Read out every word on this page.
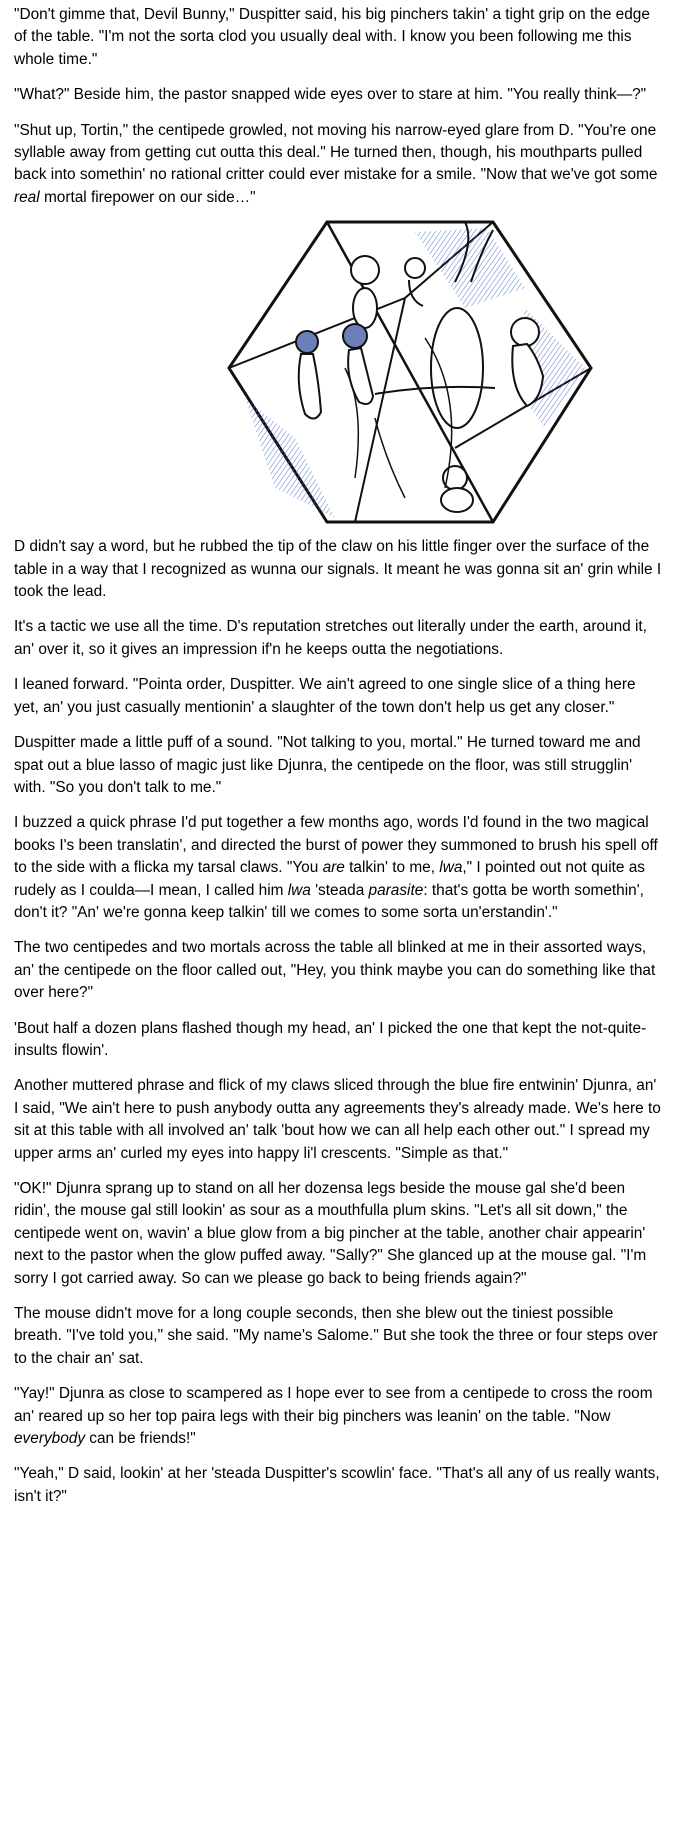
"Don't gimme that, Devil Bunny," Duspitter said, his big pinchers takin' a tight grip on the edge of the table. "I'm not the sorta clod you usually deal with. I know you been following me this whole time."

"What?" Beside him, the pastor snapped wide eyes over to stare at him. "You really think—?"

"Shut up, Tortin," the centipede growled, not moving his narrow-eyed glare from D. "You're one syllable away from getting cut outta this deal." He turned then, though, his mouthparts pulled back into somethin' no rational critter could ever mistake for a smile. "Now that we've got some real mortal firepower on our side…"

D didn't say a word, but he rubbed the tip of the claw on his little finger over the surface of the table in a way that I recognized as wunna our signals. It meant he was gonna sit an' grin while I took the lead.

It's a tactic we use all the time. D's reputation stretches out literally under the earth, around it, an' over it, so it gives an impression if'n he keeps outta the negotiations.

I leaned forward. "Pointa order, Duspitter. We ain't agreed to one single slice of a thing here yet, an' you just casually mentionin' a slaughter of the town don't help us get any closer."

Duspitter made a little puff of a sound. "Not talking to you, mortal." He turned toward me and spat out a blue lasso of magic just like Djunra, the centipede on the floor, was still strugglin' with. "So you don't talk to me."

I buzzed a quick phrase I'd put together a few months ago, words I'd found in the two magical books I's been translatin', and directed the burst of power they summoned to brush his spell off to the side with a flicka my tarsal claws. "You are talkin' to me, lwa," I pointed out not quite as rudely as I coulda—I mean, I called him lwa 'steada parasite: that's gotta be worth somethin', don't it? "An' we're gonna keep talkin' till we comes to some sorta un'erstandin'."

The two centipedes and two mortals across the table all blinked at me in their assorted ways, an' the centipede on the floor called out, "Hey, you think maybe you can do something like that over here?"

'Bout half a dozen plans flashed though my head, an' I picked the one that kept the not-quite-insults flowin'.

Another muttered phrase and flick of my claws sliced through the blue fire entwinin' Djunra, an' I said, "We ain't here to push anybody outta any agreements they's already made. We's here to sit at this table with all involved an' talk 'bout how we can all help each other out." I spread my upper arms an' curled my eyes into happy li'l crescents. "Simple as that."

"OK!" Djunra sprang up to stand on all her dozensa legs beside the mouse gal she'd been ridin', the mouse gal still lookin' as sour as a mouthfulla plum skins. "Let's all sit down," the centipede went on, wavin' a blue glow from a big pincher at the table, another chair appearin' next to the pastor when the glow puffed away. "Sally?" She glanced up at the mouse gal. "I'm sorry I got carried away. So can we please go back to being friends again?"

The mouse didn't move for a long couple seconds, then she blew out the tiniest possible breath. "I've told you," she said. "My name's Salome." But she took the three or four steps over to the chair an' sat.

"Yay!" Djunra as close to scampered as I hope ever to see from a centipede to cross the room an' reared up so her top paira legs with their big pinchers was leanin' on the table. "Now everybody can be friends!"

"Yeah," D said, lookin' at her 'steada Duspitter's scowlin' face. "That's all any of us really wants, isn't it?"
